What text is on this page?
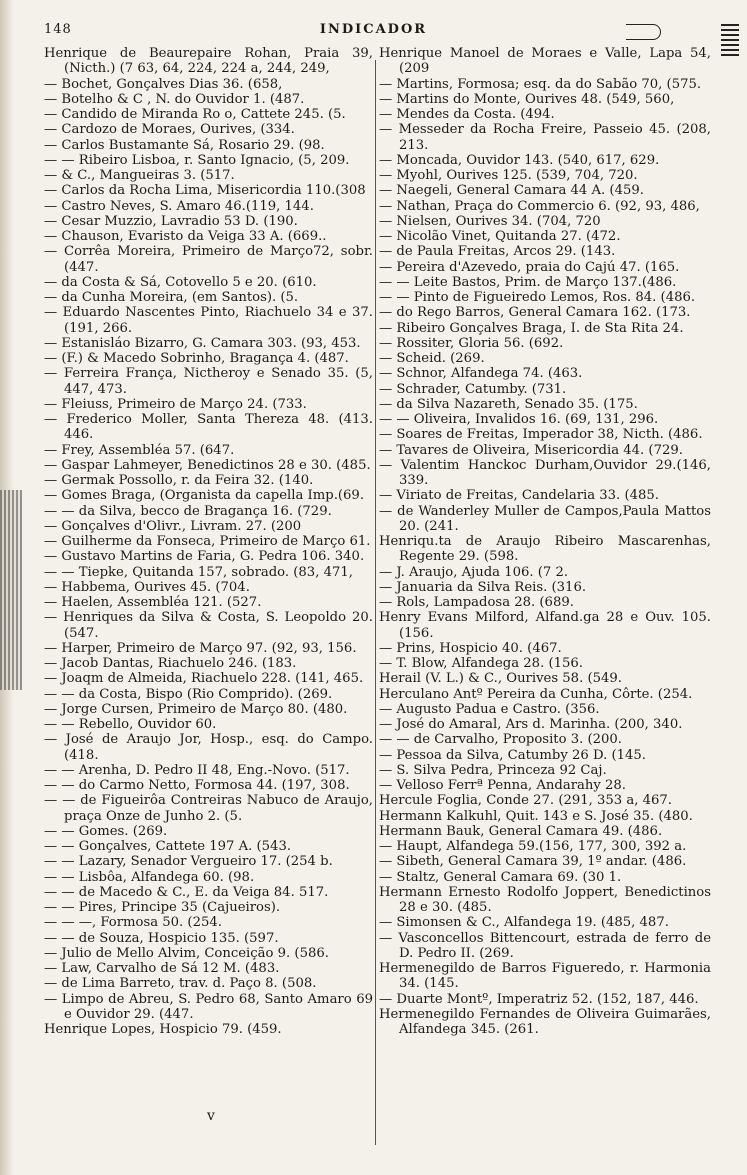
148	INDICADOR

Henrique de Beaurepaire Rohan, Praia 39, (Nicth.) (7 63, 64, 224, 224 a, 244, 249,

— Bochet, Gonçalves Dias 36. (658,

— Botelho & C , N. do Ouvidor 1. (487.

— Candido de Miranda Ro o, Cattete 245. (5.

— Cardozo de Moraes, Ourives, (334.

— Carlos Bustamante Sá, Rosario 29. (98.

— — Ribeiro Lisboa, r. Santo Ignacio, (5, 209.

— & C., Mangueiras 3. (517.

— Carlos da Rocha Lima, Misericordia 110.(308

— Castro Neves, S. Amaro 46.(119, 144.

— Cesar Muzzio, Lavradio 53 D. (190.

— Chauson, Evaristo da Veiga 33 A. (669..

— Corrêa Moreira, Primeiro de Março72, sobr. (447.

— da Costa & Sá, Cotovello 5 e 20. (610.

— da Cunha Moreira, (em Santos). (5.

— Eduardo Nascentes Pinto, Riachuelo 34 e 37. (191, 266.

— Estanisláo Bizarro, G. Camara 303. (93, 453.

— (F.) & Macedo Sobrinho, Bragança 4. (487.

— Ferreira França, Nictheroy e Senado 35. (5, 447, 473.

— Fleiuss, Primeiro de Março 24. (733.

— Frederico Moller, Santa Thereza 48. (413. 446.

— Frey, Assembléa 57. (647.

— Gaspar Lahmeyer, Benedictinos 28 e 30. (485.

— Germak Possollo, r. da Feira 32. (140.

— Gomes Braga, (Organista da capella Imp.(69.

— — da Silva, becco de Bragança 16. (729.

— Gonçalves d'Olivr., Livram. 27. (200

— Guilherme da Fonseca, Primeiro de Março 61.

— Gustavo Martins de Faria, G. Pedra 106. 340.

— — Tiepke, Quitanda 157, sobrado. (83, 471,

— Habbema, Ourives 45. (704.

— Haelen, Assembléa 121. (527.

— Henriques da Silva & Costa, S. Leopoldo 20. (547.

— Harper, Primeiro de Março 97. (92, 93, 156.

— Jacob Dantas, Riachuelo 246. (183.

— Joaqm de Almeida, Riachuelo 228. (141, 465.

— — da Costa, Bispo (Rio Comprido). (269.

— Jorge Cursen, Primeiro de Março 80. (480.

— — Rebello, Ouvidor 60.

— José de Araujo Jor, Hosp., esq. do Campo.(418.

— — Arenha, D. Pedro II 48, Eng.-Novo. (517.

— — do Carmo Netto, Formosa 44. (197, 308.

— — de Figueirôa Contreiras Nabuco de Araujo, praça Onze de Junho 2. (5.

— — Gomes. (269.

— — Gonçalves, Cattete 197 A. (543.

— — Lazary, Senador Vergueiro 17. (254 b.

— — Lisbôa, Alfandega 60. (98.

— — de Macedo & C., E. da Veiga 84. 517.

— — Pires, Principe 35 (Cajueiros).

— — —, Formosa 50. (254.

— — de Souza, Hospicio 135. (597.

— Julio de Mello Alvim, Conceição 9. (586.

— Law, Carvalho de Sá 12 M. (483.

— de Lima Barreto, trav. d. Paço 8. (508.

— Limpo de Abreu, S. Pedro 68, Santo Amaro 69 e Ouvidor 29. (447.

Henrique Lopes, Hospicio 79. (459.

Henrique Manoel de Moraes e Valle, Lapa 54, (209

— Martins, Formosa; esq. da do Sabão 70, (575.

— Martins do Monte, Ourives 48. (549, 560,

— Mendes da Costa. (494.

— Messeder da Rocha Freire, Passeio 45. (208, 213.

— Moncada, Ouvidor 143. (540, 617, 629.

— Myohl, Ourives 125. (539, 704, 720.

— Naegeli, General Camara 44 A. (459.

— Nathan, Praça do Commercio 6. (92, 93, 486,

— Nielsen, Ourives 34. (704, 720

— Nicolão Vinet, Quitanda 27. (472.

— de Paula Freitas, Arcos 29. (143.

— Pereira d'Azevedo, praia do Cajú 47. (165.

— — Leite Bastos, Prim. de Março 137.(486.

— — Pinto de Figueiredo Lemos, Ros. 84. (486.

— do Rego Barros, General Camara 162. (173.

— Ribeiro Gonçalves Braga, I. de Sta Rita 24.

— Rossiter, Gloria 56. (692.

— Scheid. (269.

— Schnor, Alfandega 74. (463.

— Schrader, Catumby. (731.

— da Silva Nazareth, Senado 35. (175.

— — Oliveira, Invalidos 16. (69, 131, 296.

— Soares de Freitas, Imperador 38, Nicth. (486.

— Tavares de Oliveira, Misericordia 44. (729.

— Valentim Hanckoc Durham,Ouvidor 29.(146, 339.

— Viriato de Freitas, Candelaria 33. (485.

— de Wanderley Muller de Campos,Paula Mattos 20. (241.

Henriqu.ta de Araujo Ribeiro Mascarenhas, Regente 29. (598.

— J. Araujo, Ajuda 106. (7 2.

— Januaria da Silva Reis. (316.

— Rols, Lampadosa 28. (689.

Henry Evans Milford, Alfand.ga 28 e Ouv. 105. (156.

— Prins, Hospicio 40. (467.

— T. Blow, Alfandega 28. (156.

Herail (V. L.) & C., Ourives 58. (549.

Herculano Antº Pereira da Cunha, Côrte. (254.

— Augusto Padua e Castro. (356.

— José do Amaral, Ars d. Marinha. (200, 340.

— — de Carvalho, Proposito 3. (200.

— Pessoa da Silva, Catumby 26 D. (145.

— S. Silva Pedra, Princeza 92 Caj.

— Velloso Ferrª Penna, Andarahy 28.

Hercule Foglia, Conde 27. (291, 353 a, 467.

Hermann Kalkuhl, Quit. 143 e S. José 35. (480.

Hermann Bauk, General Camara 49. (486.

— Haupt, Alfandega 59.(156, 177, 300, 392 a.

— Sibeth, General Camara 39, 1º andar. (486.

— Staltz, General Camara 69. (30 1.

Hermann Ernesto Rodolfo Joppert, Benedictinos 28 e 30. (485.

— Simonsen & C., Alfandega 19. (485, 487.

— Vasconcellos Bittencourt, estrada de ferro de D. Pedro II. (269.

Hermenegildo de Barros Figueredo, r. Harmonia 34. (145.

— Duarte Montº, Imperatriz 52. (152, 187, 446.

Hermenegildo Fernandes de Oliveira Guimarães, Alfandega 345. (261.

v
